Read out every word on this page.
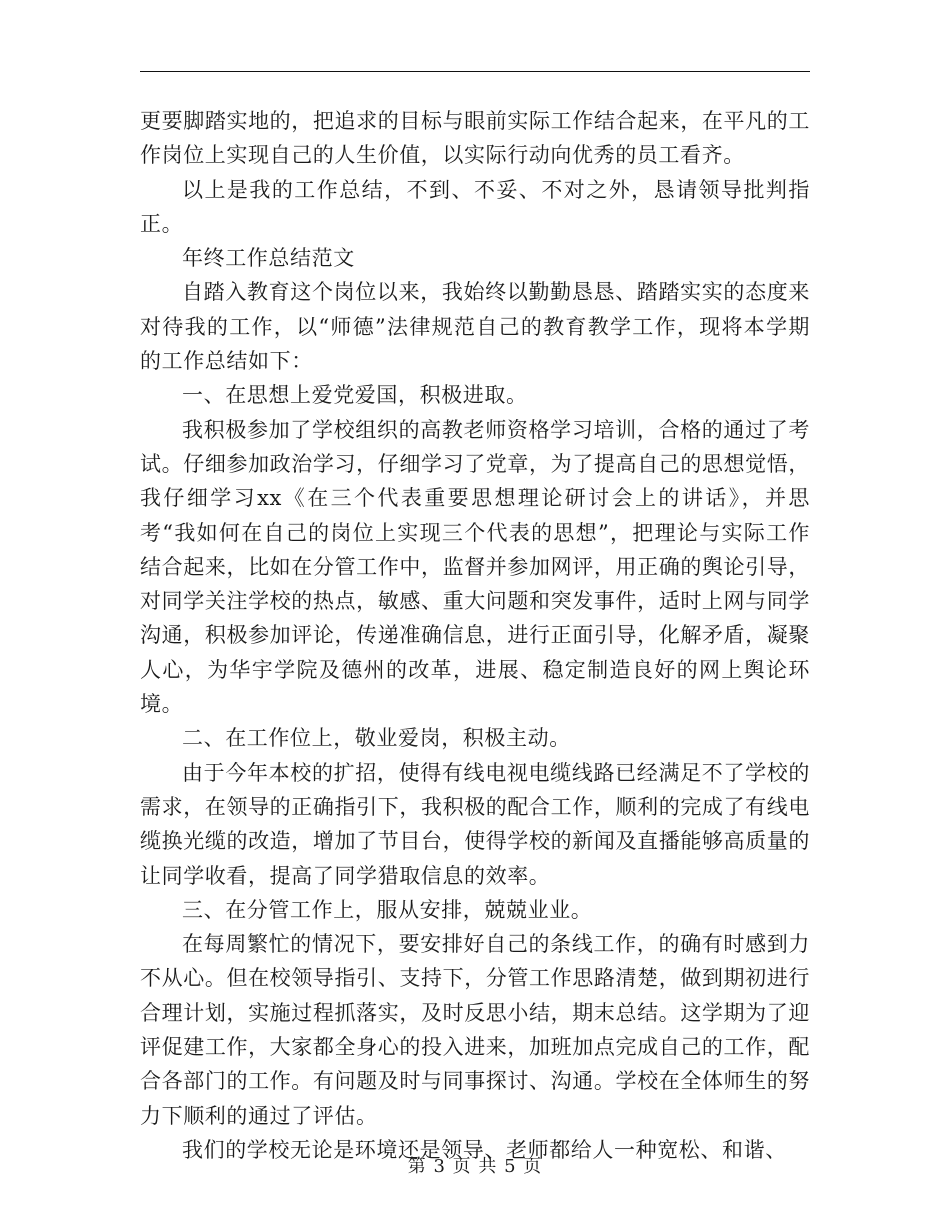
更要脚踏实地的，把追求的目标与眼前实际工作结合起来，在平凡的工作岗位上实现自己的人生价值，以实际行动向优秀的员工看齐。

以上是我的工作总结，不到、不妥、不对之外，恳请领导批判指正。

年终工作总结范文

自踏入教育这个岗位以来，我始终以勤勤恳恳、踏踏实实的态度来对待我的工作，以“师德”法律规范自己的教育教学工作，现将本学期的工作总结如下：

一、在思想上爱党爱国，积极进取。

我积极参加了学校组织的高教老师资格学习培训，合格的通过了考试。仔细参加政治学习，仔细学习了党章，为了提高自己的思想觉悟，我仔细学习xx《在三个代表重要思想理论研讨会上的讲话》，并思考“我如何在自己的岗位上实现三个代表的思想”，把理论与实际工作结合起来，比如在分管工作中，监督并参加网评，用正确的舆论引导，对同学关注学校的热点，敏感、重大问题和突发事件，适时上网与同学沟通，积极参加评论，传递准确信息，进行正面引导，化解矛盾，凝聚人心，为华宇学院及德州的改革，进展、稳定制造良好的网上舆论环境。

二、在工作位上，敬业爱岗，积极主动。

由于今年本校的扩招，使得有线电视电缆线路已经满足不了学校的需求，在领导的正确指引下，我积极的配合工作，顺利的完成了有线电缆换光缆的改造，增加了节目台，使得学校的新闻及直播能够高质量的让同学收看，提高了同学猎取信息的效率。

三、在分管工作上，服从安排，兢兢业业。

在每周繁忙的情况下，要安排好自己的条线工作，的确有时感到力不从心。但在校领导指引、支持下，分管工作思路清楚，做到期初进行合理计划，实施过程抓落实，及时反思小结，期末总结。这学期为了迎评促建工作，大家都全身心的投入进来，加班加点完成自己的工作，配合各部门的工作。有问题及时与同事探讨、沟通。学校在全体师生的努力下顺利的通过了评估。

我们的学校无论是环境还是领导、老师都给人一种宽松、和谐、

第 3 页 共 5 页
